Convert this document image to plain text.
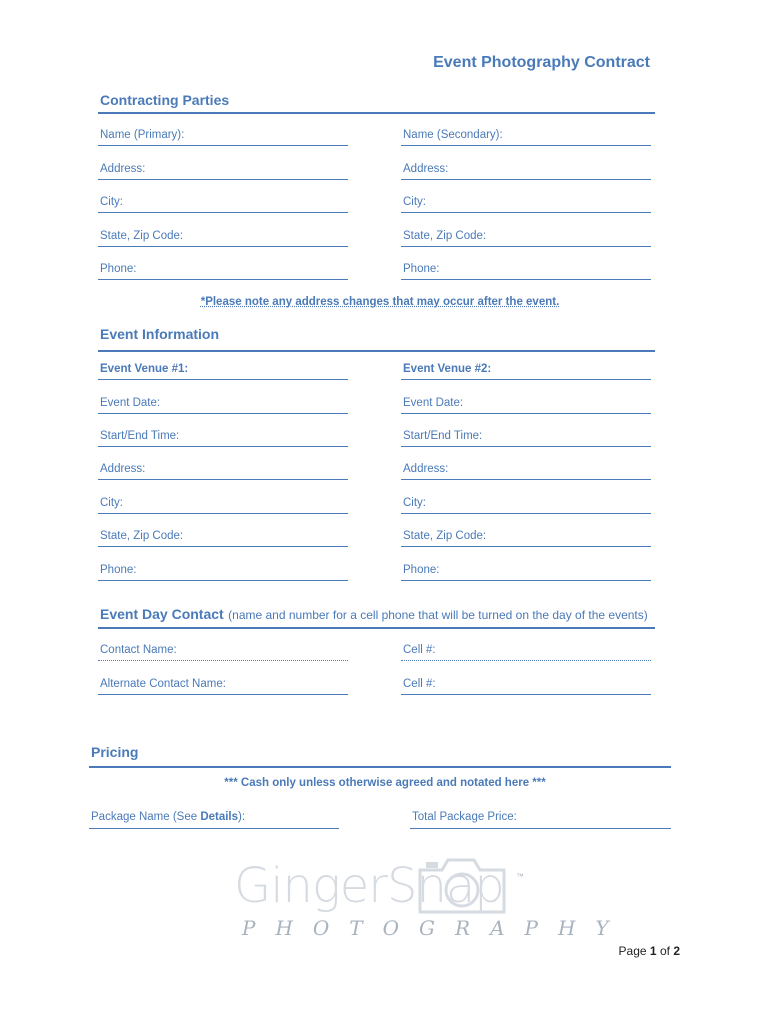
Event Photography Contract
Contracting Parties
Name (Primary):	Name (Secondary):
Address:	Address:
City:	City:
State, Zip Code:	State, Zip Code:
Phone:	Phone:
*Please note any address changes that may occur after the event.
Event Information
Event Venue #1:	Event Venue #2:
Event Date:	Event Date:
Start/End Time:	Start/End Time:
Address:	Address:
City:	City:
State, Zip Code:	State, Zip Code:
Phone:	Phone:
Event Day Contact (name and number for a cell phone that will be turned on the day of the events)
Contact Name:	Cell #:
Alternate Contact Name:	Cell #:
Pricing
*** Cash only unless otherwise agreed and notated here ***
Package Name (See Details):	Total Package Price:
GingerSnap ™
PHOTOGRAPHY
Page 1 of 2
